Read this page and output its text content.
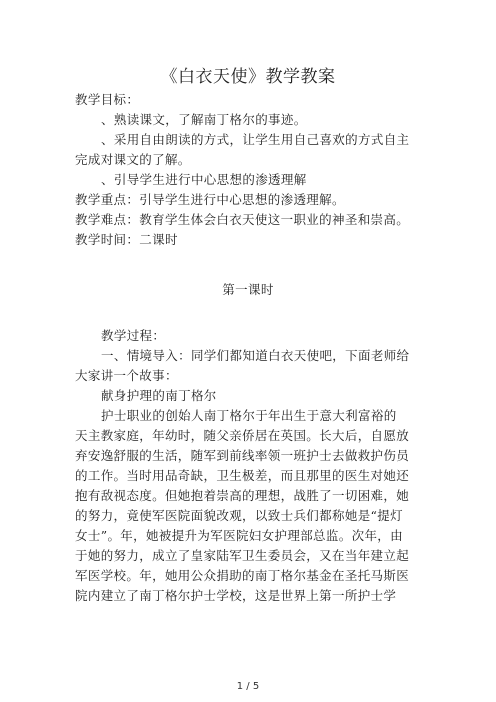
《白衣天使》教学教案
教学目标：
、熟读课文，了解南丁格尔的事迹。
、采用自由朗读的方式，让学生用自己喜欢的方式自主
完成对课文的了解。
、引导学生进行中心思想的渗透理解
教学重点：引导学生进行中心思想的渗透理解。
教学难点：教育学生体会白衣天使这一职业的神圣和崇高。
教学时间：二课时
第一课时
教学过程：
一、情境导入：同学们都知道白衣天使吧，下面老师给
大家讲一个故事：
献身护理的南丁格尔
护士职业的创始人南丁格尔于年出生于意大利富裕的
天主教家庭，年幼时，随父亲侨居在英国。长大后，自愿放
弃安逸舒服的生活，随军到前线率领一班护士去做救护伤员
的工作。当时用品奇缺，卫生极差，而且那里的医生对她还
抱有敌视态度。但她抱着崇高的理想，战胜了一切困难，她
的努力，竟使军医院面貌改观，以致士兵们都称她是“提灯
女士”。年，她被提升为军医院妇女护理部总监。次年，由
于她的努力，成立了皇家陆军卫生委员会，又在当年建立起
军医学校。年，她用公众捐助的南丁格尔基金在圣托马斯医
院内建立了南丁格尔护士学校，这是世界上第一所护士学
1 / 5
